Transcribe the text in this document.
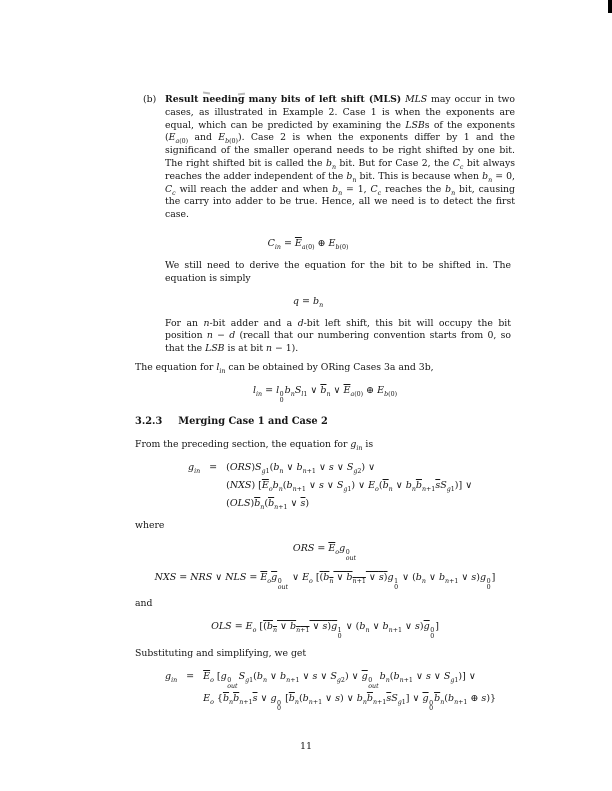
(b) Result needing many bits of left shift (MLS) MLS may occur in two cases, as illustrated in Example 2. Case 1 is when the exponents are equal, which can be predicted by examining the LSBs of the exponents ($E_{a(0)}$ and $E_{b(0)}$). Case 2 is when the exponents differ by 1 and the significand of the smaller operand needs to be right shifted by one bit. The right shifted bit is called the $b_n$ bit. But for Case 2, the $C_c$ bit always reaches the adder independent of the $b_n$ bit. This is because when $b_n = 0$, $C_c$ will reach the adder and when $b_n = 1$, $C_c$ reaches the $b_n$ bit, causing the carry into adder to be true. Hence, all we need is to detect the first case.
$C_{in} = \overline{E}_{a(0)}$ ⊕ $E_{b(0)}$

We still need to derive the equation for the bit to be shifted in. The equation is simply

$q = b_n$

For an n-bit adder and a d-bit left shift, this bit will occupy the bit position n − d (recall that our numbering convention starts from 0, so that the LSB is at bit n − 1).

The equation for $l_{in}$ can be obtained by ORing Cases 3a and 3b,

$l_{in} = l$ 0
0
$b_nS_{l1}$ ∨ $\overline{b}_n$ ∨ $\overline{E}_{a(0)}$ ⊕ $E_{b(0)}$
3.2.3 Merging Case 1 and Case 2

From the preceding section, the equation for $g_{in}$ is

$g_{in} = (ORS)S_{g1}(b_n$ ∨ $b_{n+1}$ ∨ s ∨ $S_{g2}$) ∨
(NXS) [$\overline{E}_ob_n(b_{n+1}$ ∨ s ∨ $S_{g1}$) ∨ $E_o(\overline{b}_n$ ∨ $b_n\overline{b}_{n+1}\overline{s}S_{g1}$)] ∨
$(OLS)\overline{b}_n(\overline{b}_{n+1}$ ∨ $\overline{s}$)

where

ORS = $\overline{E}_og$ 0
out
NXS = NRS ∨ NLS = $\overline{E}_o\overline{g}$ 0
out
∨ $E_o$ [($b_n$ ∨ $b_{n+1}$ ∨ s)g 1
0
∨ ($b_n$ ∨ $b_{n+1}$ ∨ s)g 0
0
]

and

OLS = $E_o$ [($b_n$ ∨ $b_{n+1}$ ∨ $s)\overline{g}$ 1
0
∨ ($b_n$ ∨ $b_{n+1}$ ∨ $s)\overline{g}$ 0
0
]

Substituting and simplifying, we get

$g_{in} = \overline{E}_o$ [g 0
out
$S_{g1}(b_n$ ∨ $b_{n+1}$ ∨ s ∨ $S_{g2}$) ∨ $\overline{g}$ 0
out
$b_n(b_{n+1}$ ∨ s ∨ $S_{g1}$)] ∨
$E_o$ {$\overline{b}_n\overline{b}_{n+1}\overline{s}$ ∨ g 0
0
[$\overline{b}_n(b_{n+1}$ ∨ s) ∨ $b_n\overline{b}_{n+1}\overline{s}S_{g1}$] ∨ $\overline{g}$ 0
0
$\overline{b}_n(b_{n+1}$ ⊕ s)}
11
